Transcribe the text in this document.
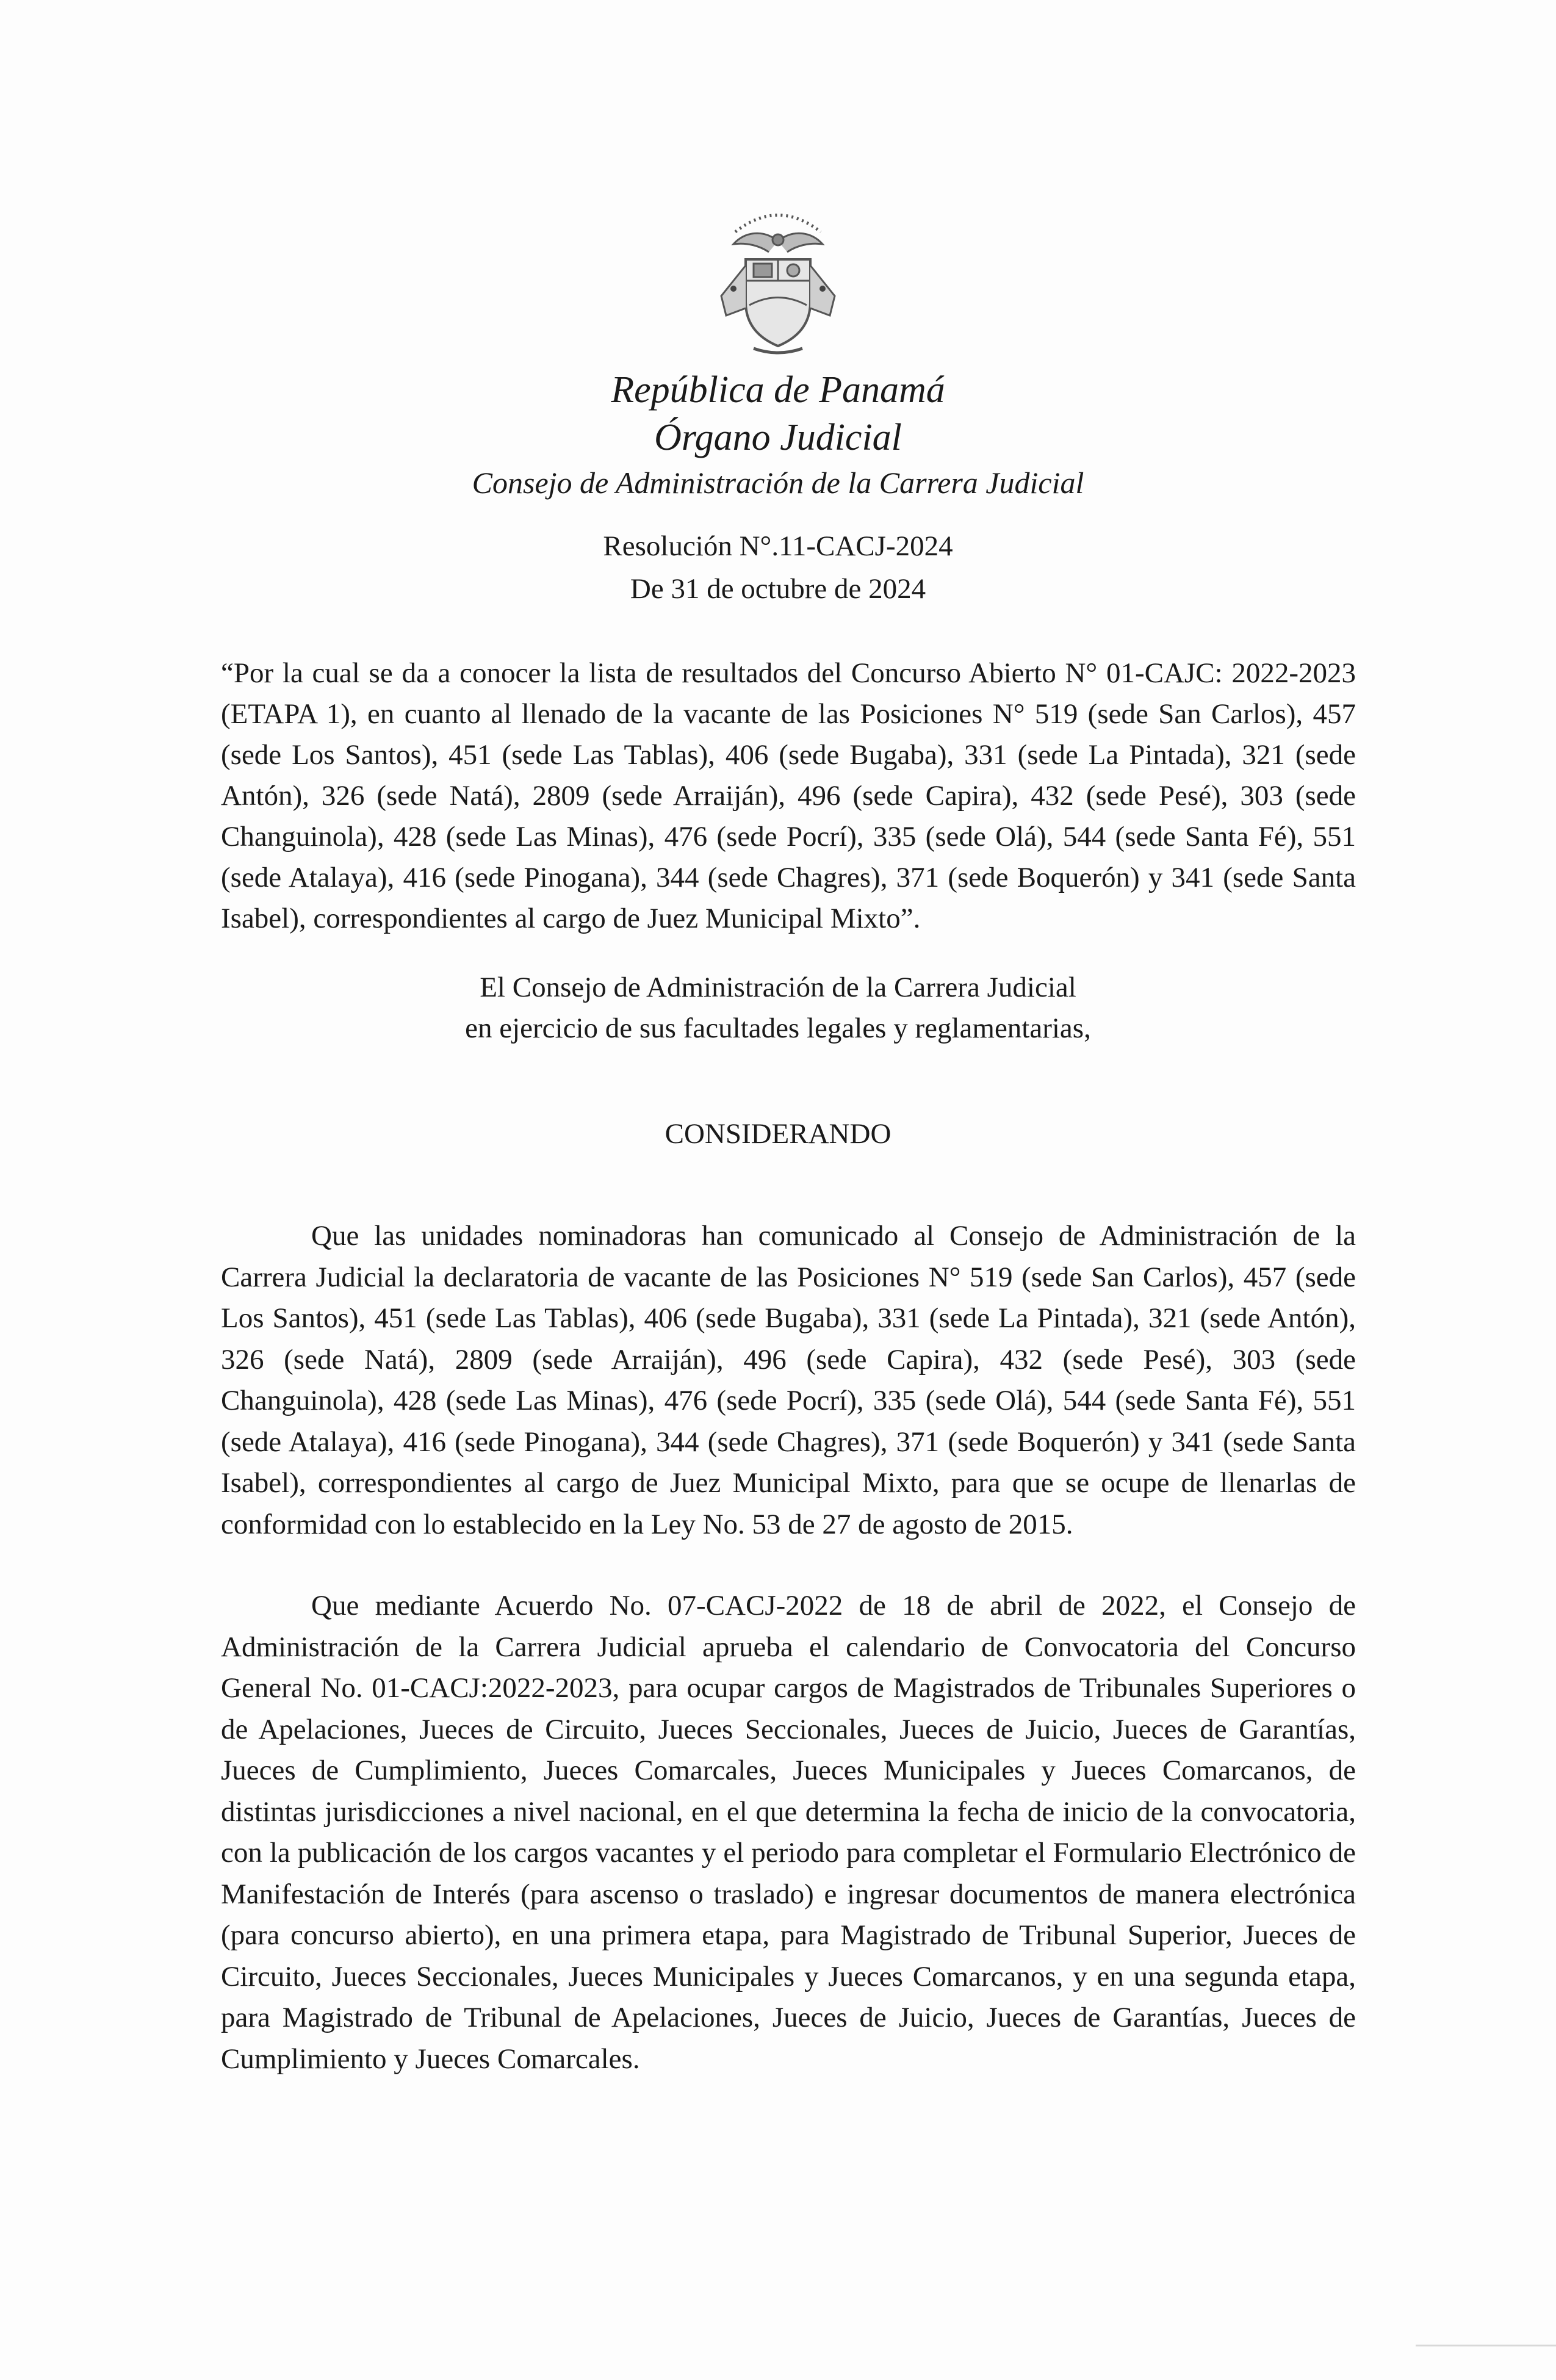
República de Panamá
Órgano Judicial
Consejo de Administración de la Carrera Judicial
Resolución N°.11-CACJ-2024
De 31 de octubre de 2024
“Por la cual se da a conocer la lista de resultados del Concurso Abierto N° 01-CAJC: 2022-2023 (ETAPA 1), en cuanto al llenado de la vacante de las Posiciones N° 519 (sede San Carlos), 457 (sede Los Santos), 451 (sede Las Tablas), 406 (sede Bugaba), 331 (sede La Pintada), 321 (sede Antón), 326 (sede Natá), 2809 (sede Arraiján), 496 (sede Capira), 432 (sede Pesé), 303 (sede Changuinola), 428 (sede Las Minas), 476 (sede Pocrí), 335 (sede Olá), 544 (sede Santa Fé), 551 (sede Atalaya), 416 (sede Pinogana), 344 (sede Chagres), 371 (sede Boquerón) y 341 (sede Santa Isabel), correspondientes al cargo de Juez Municipal Mixto”.
El Consejo de Administración de la Carrera Judicial
en ejercicio de sus facultades legales y reglamentarias,
CONSIDERANDO
Que las unidades nominadoras han comunicado al Consejo de Administración de la Carrera Judicial la declaratoria de vacante de las Posiciones N° 519 (sede San Carlos), 457 (sede Los Santos), 451 (sede Las Tablas), 406 (sede Bugaba), 331 (sede La Pintada), 321 (sede Antón), 326 (sede Natá), 2809 (sede Arraiján), 496 (sede Capira), 432 (sede Pesé), 303 (sede Changuinola), 428 (sede Las Minas), 476 (sede Pocrí), 335 (sede Olá), 544 (sede Santa Fé), 551 (sede Atalaya), 416 (sede Pinogana), 344 (sede Chagres), 371 (sede Boquerón) y 341 (sede Santa Isabel), correspondientes al cargo de Juez Municipal Mixto, para que se ocupe de llenarlas de conformidad con lo establecido en la Ley No. 53 de 27 de agosto de 2015.
Que mediante Acuerdo No. 07-CACJ-2022 de 18 de abril de 2022, el Consejo de Administración de la Carrera Judicial aprueba el calendario de Convocatoria del Concurso General No. 01-CACJ:2022-2023, para ocupar cargos de Magistrados de Tribunales Superiores o de Apelaciones, Jueces de Circuito, Jueces Seccionales, Jueces de Juicio, Jueces de Garantías, Jueces de Cumplimiento, Jueces Comarcales, Jueces Municipales y Jueces Comarcanos, de distintas jurisdicciones a nivel nacional, en el que determina la fecha de inicio de la convocatoria, con la publicación de los cargos vacantes y el periodo para completar el Formulario Electrónico de Manifestación de Interés (para ascenso o traslado) e ingresar documentos de manera electrónica (para concurso abierto), en una primera etapa, para Magistrado de Tribunal Superior, Jueces de Circuito, Jueces Seccionales, Jueces Municipales y Jueces Comarcanos, y en una segunda etapa, para Magistrado de Tribunal de Apelaciones, Jueces de Juicio, Jueces de Garantías, Jueces de Cumplimiento y Jueces Comarcales.
